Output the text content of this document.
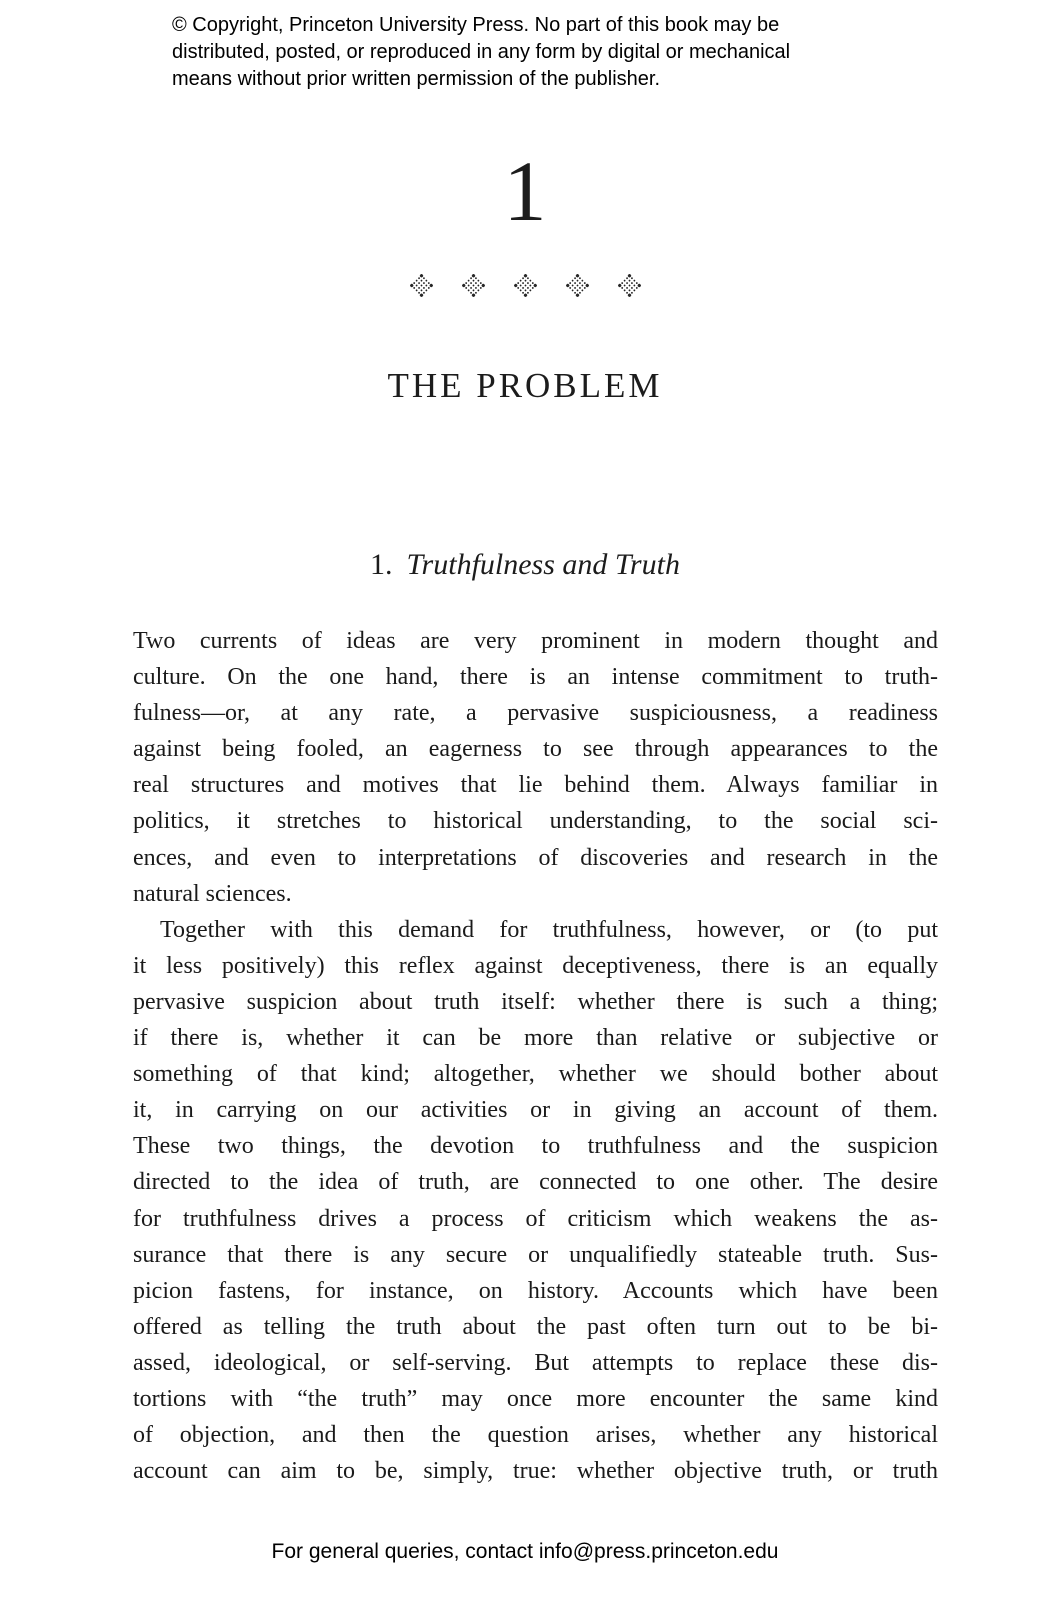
© Copyright, Princeton University Press. No part of this book may be
distributed, posted, or reproduced in any form by digital or mechanical
means without prior written permission of the publisher.
1
THE PROBLEM
1. Truthfulness and Truth
Two currents of ideas are very prominent in modern thought and
culture. On the one hand, there is an intense commitment to truth-
fulness—or, at any rate, a pervasive suspiciousness, a readiness
against being fooled, an eagerness to see through appearances to the
real structures and motives that lie behind them. Always familiar in
politics, it stretches to historical understanding, to the social sci-
ences, and even to interpretations of discoveries and research in the
natural sciences.
Together with this demand for truthfulness, however, or (to put
it less positively) this reflex against deceptiveness, there is an equally
pervasive suspicion about truth itself: whether there is such a thing;
if there is, whether it can be more than relative or subjective or
something of that kind; altogether, whether we should bother about
it, in carrying on our activities or in giving an account of them.
These two things, the devotion to truthfulness and the suspicion
directed to the idea of truth, are connected to one other. The desire
for truthfulness drives a process of criticism which weakens the as-
surance that there is any secure or unqualifiedly stateable truth. Sus-
picion fastens, for instance, on history. Accounts which have been
offered as telling the truth about the past often turn out to be bi-
assed, ideological, or self-serving. But attempts to replace these dis-
tortions with “the truth” may once more encounter the same kind
of objection, and then the question arises, whether any historical
account can aim to be, simply, true: whether objective truth, or truth
For general queries, contact info@press.princeton.edu
